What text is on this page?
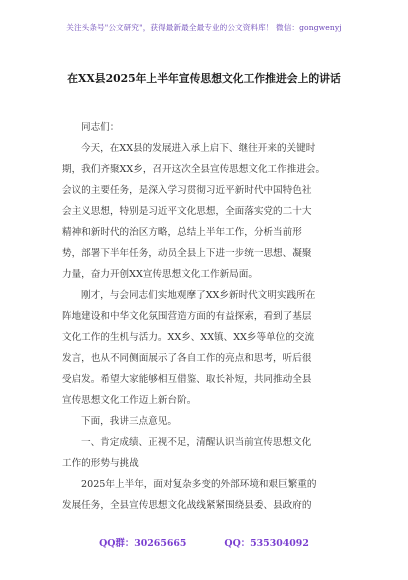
关注头条号"公文研究"，获得最新最全最专业的公文资料库！ 微信：gongwenyj
在XX县2025年上半年宣传思想文化工作推进会上的讲话
同志们：
今天，在XX县的发展进入承上启下、继往开来的关键时
期，我们齐聚XX乡，召开这次全县宣传思想文化工作推进会。
会议的主要任务，是深入学习贯彻习近平新时代中国特色社
会主义思想，特别是习近平文化思想，全面落实党的二十大
精神和新时代的治区方略，总结上半年工作，分析当前形
势，部署下半年任务，动员全县上下进一步统一思想、凝聚
力量，奋力开创XX宣传思想文化工作新局面。
刚才，与会同志们实地观摩了XX乡新时代文明实践所在
阵地建设和中华文化氛围营造方面的有益探索，看到了基层
文化工作的生机与活力。XX乡、XX镇、XX乡等单位的交流
发言，也从不同侧面展示了各自工作的亮点和思考，听后很
受启发。希望大家能够相互借鉴、取长补短，共同推动全县
宣传思想文化工作迈上新台阶。
下面，我讲三点意见。
一、肯定成绩、正视不足，清醒认识当前宣传思想文化
工作的形势与挑战
2025年上半年，面对复杂多变的外部环境和艰巨繁重的
发展任务，全县宣传思想文化战线紧紧围绕县委、县政府的
QQ群：30265665	QQ：535304092
